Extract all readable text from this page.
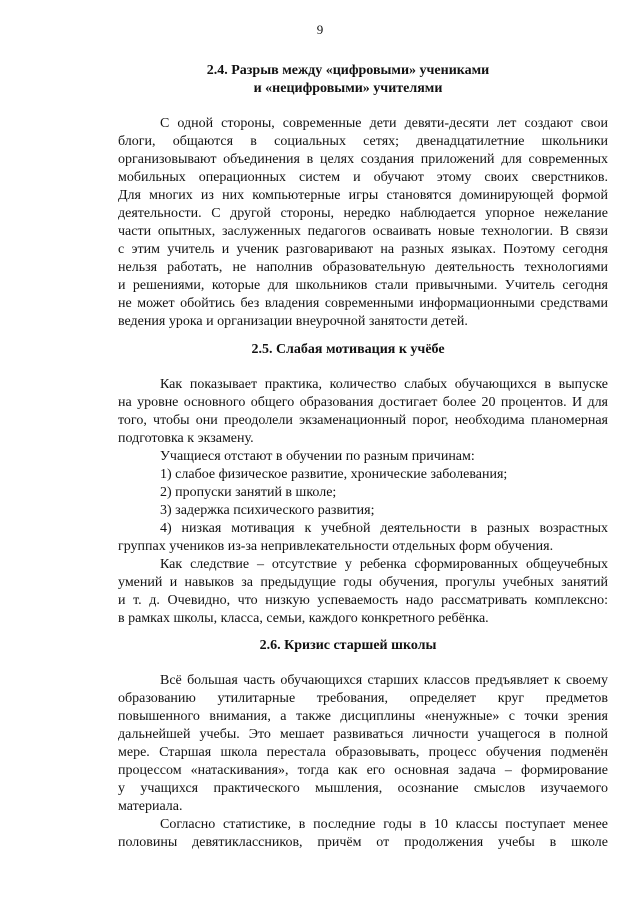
9
2.4. Разрыв между «цифровыми» учениками
и «нецифровыми» учителями
С одной стороны, современные дети девяти-десяти лет создают свои
блоги, общаются в социальных сетях; двенадцатилетние школьники
организовывают объединения в целях создания приложений для современных
мобильных операционных систем и обучают этому своих сверстников.
Для многих из них компьютерные игры становятся доминирующей формой
деятельности. С другой стороны, нередко наблюдается упорное нежелание
части опытных, заслуженных педагогов осваивать новые технологии. В связи
с этим учитель и ученик разговаривают на разных языках. Поэтому сегодня
нельзя работать, не наполнив образовательную деятельность технологиями
и решениями, которые для школьников стали привычными. Учитель сегодня
не может обойтись без владения современными информационными средствами
ведения урока и организации внеурочной занятости детей.
2.5. Слабая мотивация к учёбе
Как показывает практика, количество слабых обучающихся в выпуске
на уровне основного общего образования достигает более 20 процентов. И для
того, чтобы они преодолели экзаменационный порог, необходима планомерная
подготовка к экзамену.
Учащиеся отстают в обучении по разным причинам:
1) слабое физическое развитие, хронические заболевания;
2) пропуски занятий в школе;
3) задержка психического развития;
4) низкая мотивация к учебной деятельности в разных возрастных
группах учеников из-за непривлекательности отдельных форм обучения.
Как следствие – отсутствие у ребенка сформированных общеучебных
умений и навыков за предыдущие годы обучения, прогулы учебных занятий
и т. д. Очевидно, что низкую успеваемость надо рассматривать комплексно:
в рамках школы, класса, семьи, каждого конкретного ребёнка.
2.6. Кризис старшей школы
Всё большая часть обучающихся старших классов предъявляет к своему
образованию утилитарные требования, определяет круг предметов
повышенного внимания, а также дисциплины «ненужные» с точки зрения
дальнейшей учебы. Это мешает развиваться личности учащегося в полной
мере. Старшая школа перестала образовывать, процесс обучения подменён
процессом «натаскивания», тогда как его основная задача – формирование
у учащихся практического мышления, осознание смыслов изучаемого
материала.
Согласно статистике, в последние годы в 10 классы поступает менее
половины девятиклассников, причём от продолжения учебы в школе
